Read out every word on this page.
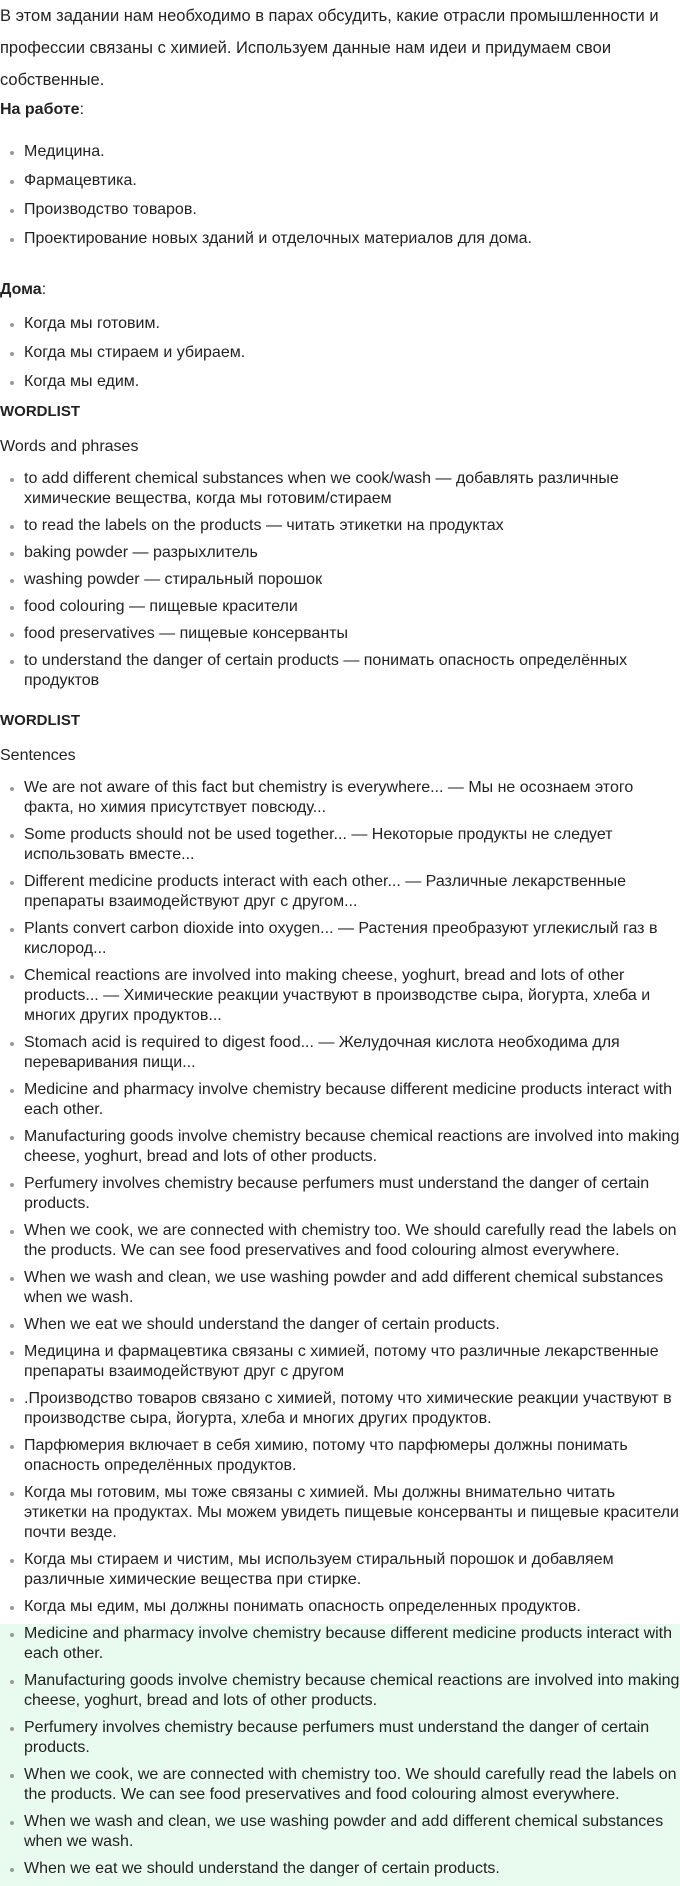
В этом задании нам необходимо в парах обсудить, какие отрасли промышленности и профессии связаны с химией. Используем данные нам идеи и придумаем свои собственные.

На работе:

Медицина.
Фармацевтика.
Производство товаров.
Проектирование новых зданий и отделочных материалов для дома.

Дома:

Когда мы готовим.
Когда мы стираем и убираем.
Когда мы едим.

WORDLIST

Words and phrases

to add different chemical substances when we cook/wash — добавлять различные химические вещества, когда мы готовим/стираем
to read the labels on the products — читать этикетки на продуктах
baking powder — разрыхлитель
washing powder — стиральный порошок
food colouring — пищевые красители
food preservatives — пищевые консерванты
to understand the danger of certain products — понимать опасность определённых продуктов

WORDLIST

Sentences

We are not aware of this fact but chemistry is everywhere... — Мы не осознаем этого факта, но химия присутствует повсюду...
Some products should not be used together... — Некоторые продукты не следует использовать вместе...
Different medicine products interact with each other... — Различные лекарственные препараты взаимодействуют друг с другом...
Plants convert carbon dioxide into oxygen... — Растения преобразуют углекислый газ в кислород...
Chemical reactions are involved into making cheese, yoghurt, bread and lots of other products... — Химические реакции участвуют в производстве сыра, йогурта, хлеба и многих других продуктов...
Stomach acid is required to digest food... — Желудочная кислота необходима для переваривания пищи...
Medicine and pharmacy involve chemistry because different medicine products interact with each other.
Manufacturing goods involve chemistry because chemical reactions are involved into making cheese, yoghurt, bread and lots of other products.
Perfumery involves chemistry because perfumers must understand the danger of certain products.
When we cook, we are connected with chemistry too. We should carefully read the labels on the products. We can see food preservatives and food colouring almost everywhere.
When we wash and clean, we use washing powder and add different chemical substances when we wash.
When we eat we should understand the danger of certain products.
Медицина и фармацевтика связаны с химией, потому что различные лекарственные препараты взаимодействуют друг с другом
.Производство товаров связано с химией, потому что химические реакции участвуют в производстве сыра, йогурта, хлеба и многих других продуктов.
Парфюмерия включает в себя химию, потому что парфюмеры должны понимать опасность определённых продуктов.
Когда мы готовим, мы тоже связаны с химией. Мы должны внимательно читать этикетки на продуктах. Мы можем увидеть пищевые консерванты и пищевые красители почти везде.
Когда мы стираем и чистим, мы используем стиральный порошок и добавляем различные химические вещества при стирке.
Когда мы едим, мы должны понимать опасность определенных продуктов.
Medicine and pharmacy involve chemistry because different medicine products interact with each other.
Manufacturing goods involve chemistry because chemical reactions are involved into making cheese, yoghurt, bread and lots of other products.
Perfumery involves chemistry because perfumers must understand the danger of certain products.
When we cook, we are connected with chemistry too. We should carefully read the labels on the products. We can see food preservatives and food colouring almost everywhere.
When we wash and clean, we use washing powder and add different chemical substances when we wash.
When we eat we should understand the danger of certain products.
